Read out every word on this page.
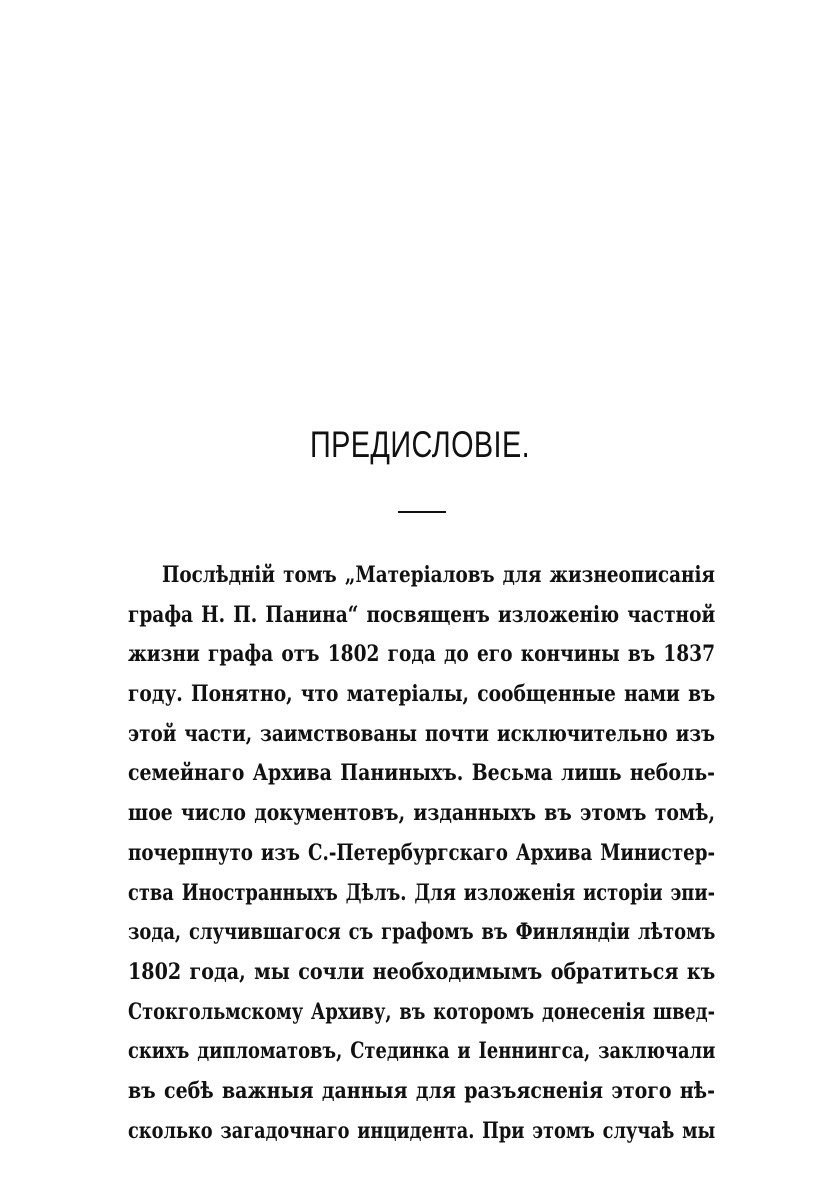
ПРЕДИСЛОВІЕ.
Послѣдній томъ „Матеріаловъ для жизнеописанія
графа Н. П. Панина“ посвященъ изложенію частной
жизни графа отъ 1802 года до его кончины въ 1837
году. Понятно, что матеріалы, сообщенные нами въ
этой части, заимствованы почти исключительно изъ
семейнаго Архива Паниныхъ. Весьма лишь неболь-
шое число документовъ, изданныхъ въ этомъ томѣ,
почерпнуто изъ С.-Петербургскаго Архива Министер-
ства Иностранныхъ Дѣлъ. Для изложенія исторіи эпи-
зода, случившагося съ графомъ въ Финляндіи лѣтомъ
1802 года, мы сочли необходимымъ обратиться къ
Стокгольмскому Архиву, въ которомъ донесенія швед-
скихъ дипломатовъ, Стединка и Іеннингса, заключали
въ себѣ важныя данныя для разъясненія этого нѣ-
сколько загадочнаго инцидента. При этомъ случаѣ мы
